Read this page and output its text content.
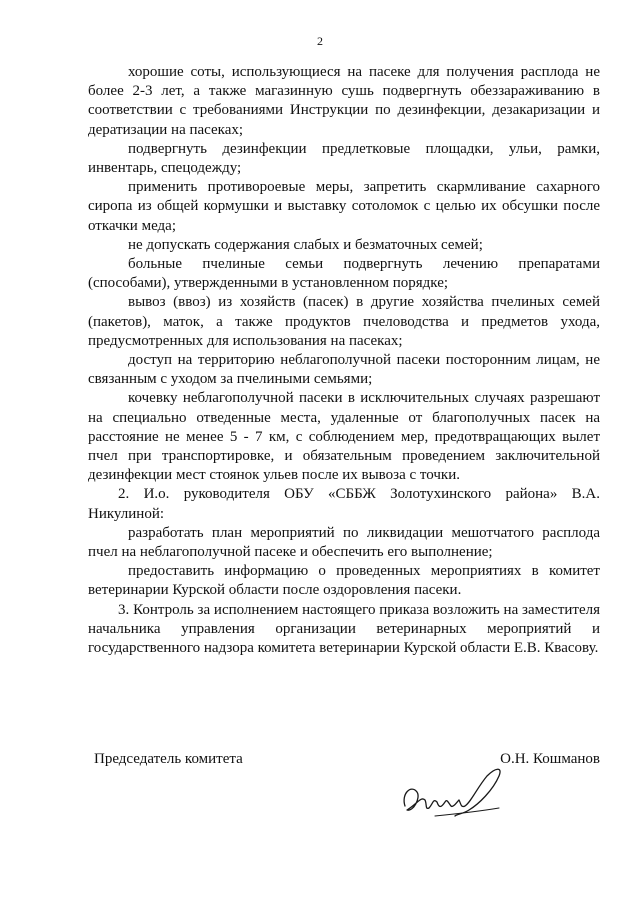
2

хорошие соты, использующиеся на пасеке для получения расплода не более 2-3 лет, а также магазинную сушь подвергнуть обеззараживанию в соответствии с требованиями Инструкции по дезинфекции, дезакаризации и дератизации на пасеках;

подвергнуть дезинфекции предлетковые площадки, ульи, рамки, инвентарь, спецодежду;

применить противороевые меры, запретить скармливание сахарного сиропа из общей кормушки и выставку сотоломок с целью их обсушки после откачки меда;

не допускать содержания слабых и безматочных семей;

больные пчелиные семьи подвергнуть лечению препаратами (способами), утвержденными в установленном порядке;

вывоз (ввоз) из хозяйств (пасек) в другие хозяйства пчелиных семей (пакетов), маток, а также продуктов пчеловодства и предметов ухода, предусмотренных для использования на пасеках;

доступ на территорию неблагополучной пасеки посторонним лицам, не связанным с уходом за пчелиными семьями;

кочевку неблагополучной пасеки в исключительных случаях разрешают на специально отведенные места, удаленные от благополучных пасек на расстояние не менее 5 - 7 км, с соблюдением мер, предотвращающих вылет пчел при транспортировке, и обязательным проведением заключительной дезинфекции мест стоянок ульев после их вывоза с точки.

2. И.о. руководителя ОБУ «СББЖ Золотухинского района» В.А. Никулиной:

разработать план мероприятий по ликвидации мешотчатого расплода пчел на неблагополучной пасеке и обеспечить его выполнение;

предоставить информацию о проведенных мероприятиях в комитет ветеринарии Курской области после оздоровления пасеки.

3. Контроль за исполнением настоящего приказа возложить на заместителя начальника управления организации ветеринарных мероприятий и государственного надзора комитета ветеринарии Курской области Е.В. Квасову.

Председатель комитета	О.Н. Кошманов
